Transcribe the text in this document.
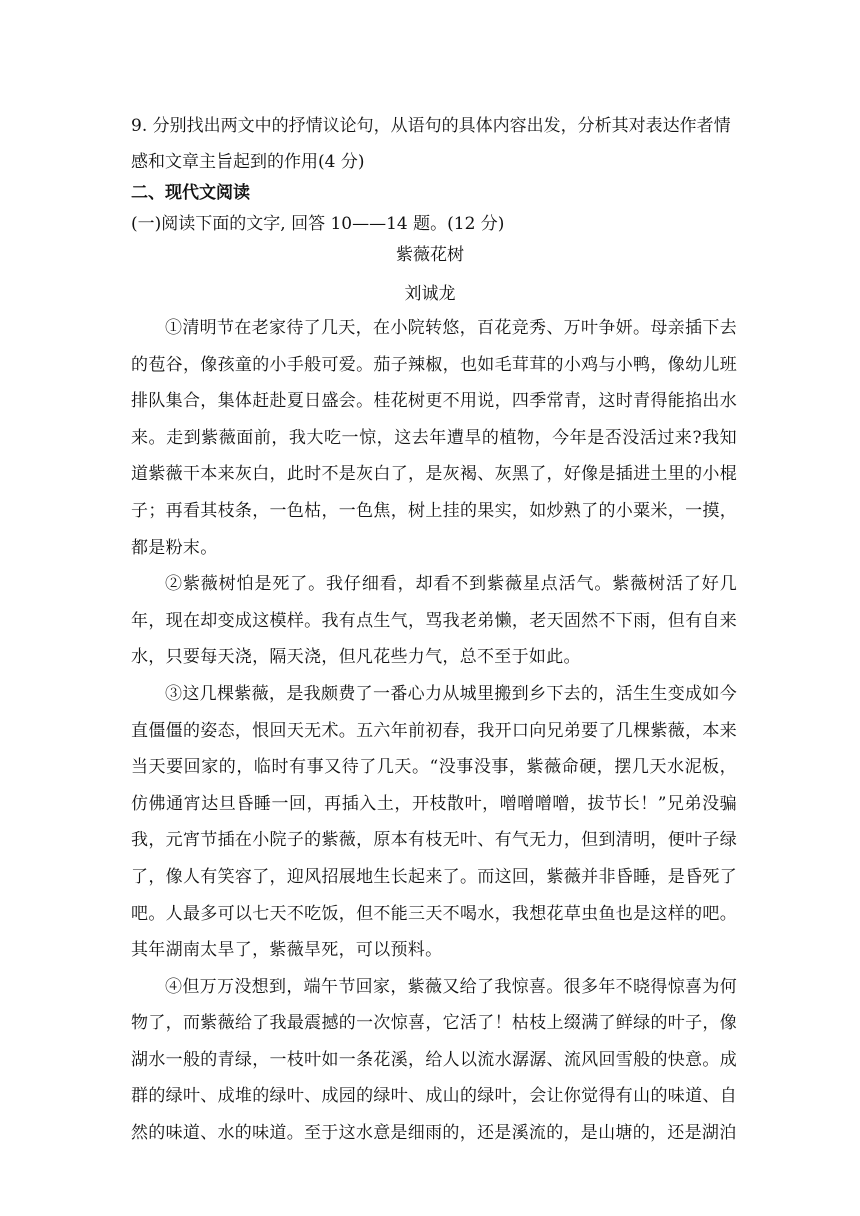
9. 分别找出两文中的抒情议论句，从语句的具体内容出发，分析其对表达作者情感和文章主旨起到的作用(4 分)
二、现代文阅读
(一)阅读下面的文字, 回答 10——14 题。(12 分)
紫薇花树
刘诚龙

①清明节在老家待了几天，在小院转悠，百花竞秀、万叶争妍。母亲插下去的苞谷，像孩童的小手般可爱。茄子辣椒，也如毛茸茸的小鸡与小鸭，像幼儿班排队集合，集体赶赴夏日盛会。桂花树更不用说，四季常青，这时青得能掐出水来。走到紫薇面前，我大吃一惊，这去年遭旱的植物，今年是否没活过来?我知道紫薇干本来灰白，此时不是灰白了，是灰褐、灰黑了，好像是插进土里的小棍子；再看其枝条，一色枯，一色焦，树上挂的果实，如炒熟了的小粟米，一摸，都是粉末。

②紫薇树怕是死了。我仔细看，却看不到紫薇星点活气。紫薇树活了好几年，现在却变成这模样。我有点生气，骂我老弟懒，老天固然不下雨，但有自来水，只要每天浇，隔天浇，但凡花些力气，总不至于如此。

③这几棵紫薇，是我颇费了一番心力从城里搬到乡下去的，活生生变成如今直僵僵的姿态，恨回天无术。五六年前初春，我开口向兄弟要了几棵紫薇，本来当天要回家的，临时有事又待了几天。“没事没事，紫薇命硬，摆几天水泥板，仿佛通宵达旦昏睡一回，再插入土，开枝散叶，噌噌噌噌，拔节长！”兄弟没骗我，元宵节插在小院子的紫薇，原本有枝无叶、有气无力，但到清明，便叶子绿了，像人有笑容了，迎风招展地生长起来了。而这回，紫薇并非昏睡，是昏死了吧。人最多可以七天不吃饭，但不能三天不喝水，我想花草虫鱼也是这样的吧。其年湖南太旱了，紫薇旱死，可以预料。

④但万万没想到，端午节回家，紫薇又给了我惊喜。很多年不晓得惊喜为何物了，而紫薇给了我最震撼的一次惊喜，它活了！枯枝上缀满了鲜绿的叶子，像湖水一般的青绿，一枝叶如一条花溪，给人以流水潺潺、流风回雪般的快意。成群的绿叶、成堆的绿叶、成园的绿叶、成山的绿叶，会让你觉得有山的味道、自然的味道、水的味道。至于这水意是细雨的，还是溪流的，是山塘的，还是湖泊
